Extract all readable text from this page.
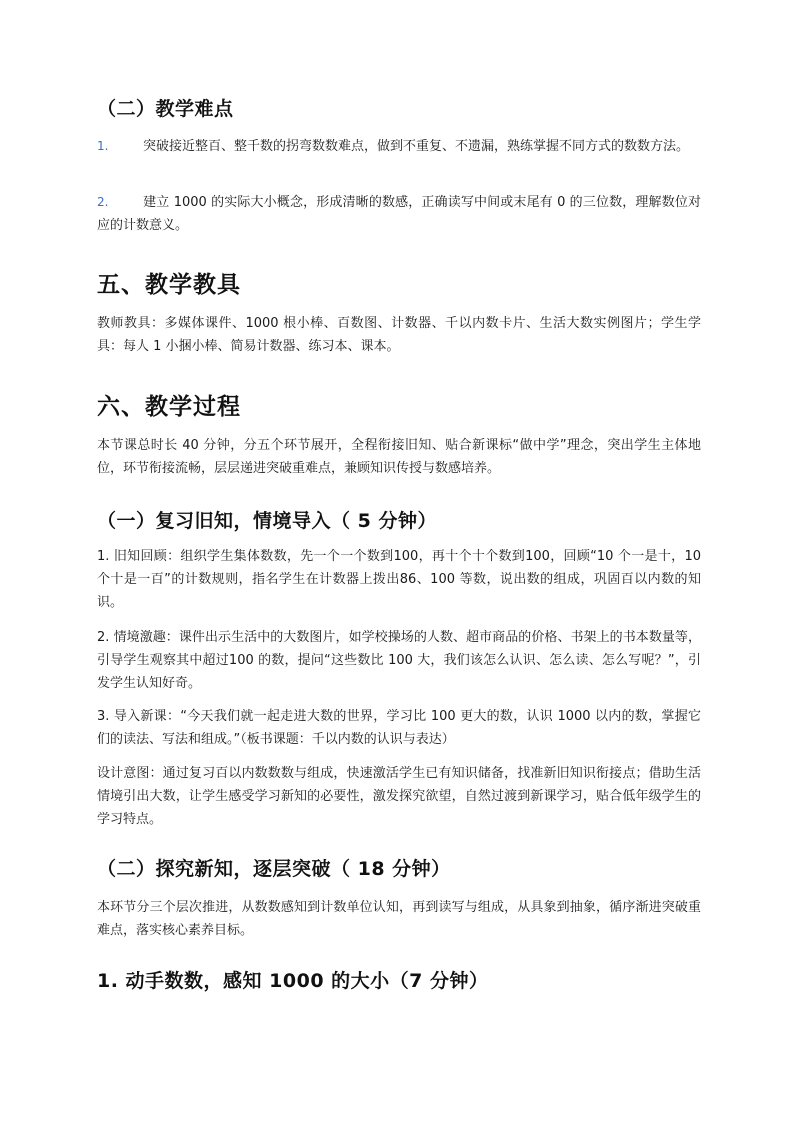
（二）教学难点
1.	突破接近整百、整千数的拐弯数数难点，做到不重复、不遗漏，熟练掌握不同方式的数数方法。
2.	建立 1000 的实际大小概念，形成清晰的数感，正确读写中间或末尾有 0 的三位数，理解数位对应的计数意义。
五、教学教具
教师教具：多媒体课件、1000 根小棒、百数图、计数器、千以内数卡片、生活大数实例图片；学生学具：每人 1 小捆小棒、简易计数器、练习本、课本。
六、教学过程
本节课总时长 40 分钟，分五个环节展开，全程衔接旧知、贴合新课标“做中学”理念，突出学生主体地位，环节衔接流畅，层层递进突破重难点，兼顾知识传授与数感培养。
（一）复习旧知，情境导入（ 5 分钟）
1. 旧知回顾：组织学生集体数数，先一个一个数到100，再十个十个数到100，回顾“10 个一是十，10 个十是一百”的计数规则，指名学生在计数器上拨出86、100 等数，说出数的组成，巩固百以内数的知识。
2. 情境激趣：课件出示生活中的大数图片，如学校操场的人数、超市商品的价格、书架上的书本数量等，引导学生观察其中超过100 的数，提问“这些数比 100 大，我们该怎么认识、怎么读、怎么写呢？”，引发学生认知好奇。
3. 导入新课：“今天我们就一起走进大数的世界，学习比 100 更大的数，认识 1000 以内的数，掌握它们的读法、写法和组成。”（板书课题：千以内数的认识与表达）
设计意图：通过复习百以内数数数与组成，快速激活学生已有知识储备，找准新旧知识衔接点；借助生活情境引出大数，让学生感受学习新知的必要性，激发探究欲望，自然过渡到新课学习，贴合低年级学生的学习特点。
（二）探究新知，逐层突破（ 18 分钟）
本环节分三个层次推进，从数数感知到计数单位认知，再到读写与组成，从具象到抽象，循序渐进突破重难点，落实核心素养目标。
1. 动手数数，感知 1000 的大小（7 分钟）
